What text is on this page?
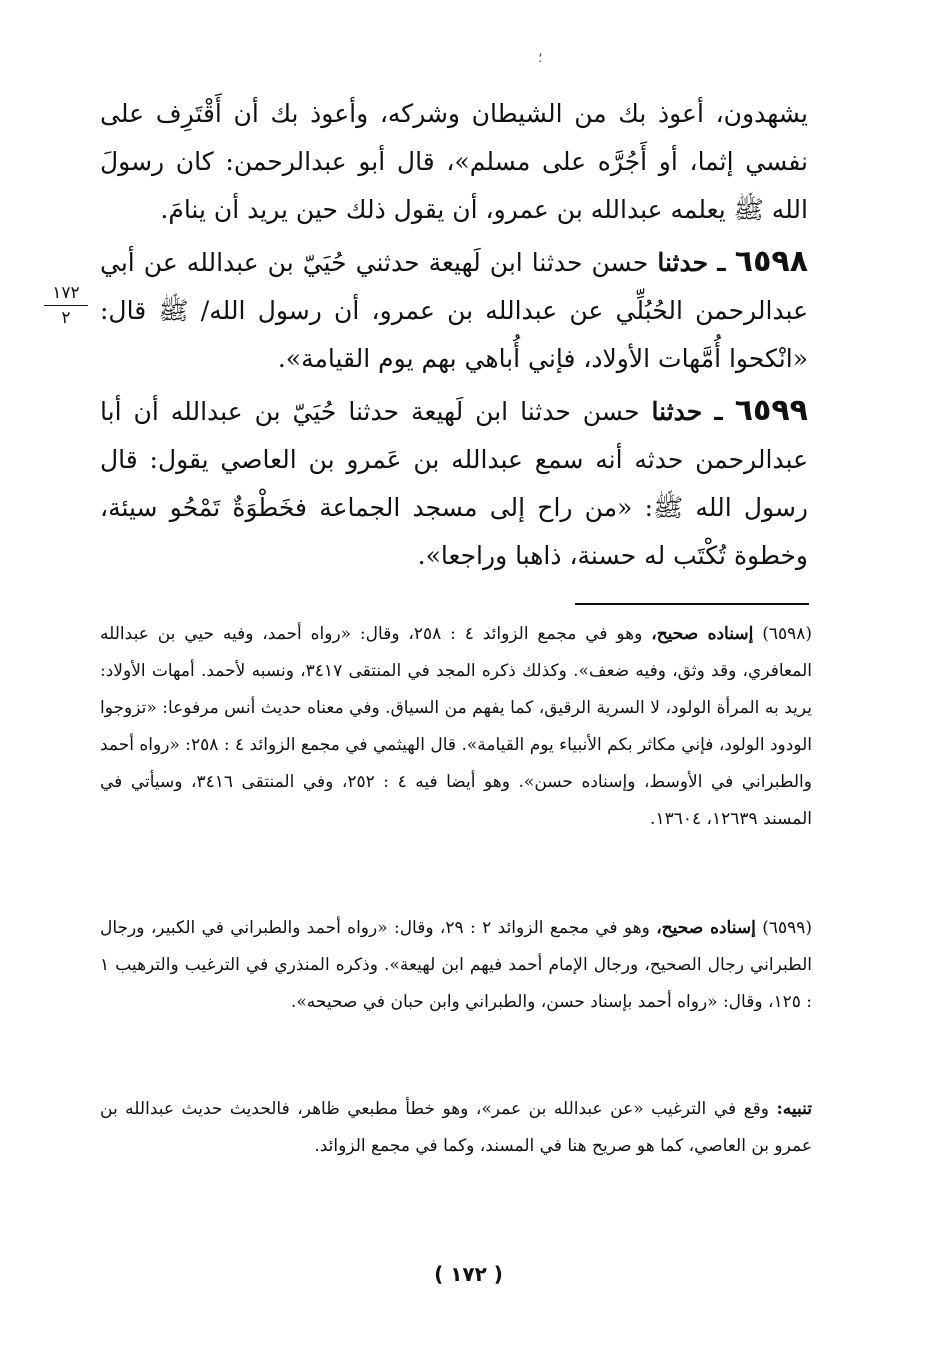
؛
يشهدون، أعوذ بك من الشيطان وشركه، وأعوذ بك أن أَقْتَرِف على نفسي إثما، أو أَجُرَّه على مسلم»، قال أبو عبدالرحمن: كان رسولَ الله ﷺ يعلمه عبدالله بن عمرو، أن يقول ذلك حين يريد أن ينامَ.
٦٥٩٨ ـ حدثنا حسن حدثنا ابن لَهيعة حدثني حُيَيّ بن عبدالله عن أبي عبدالرحمن الحُبُلِّي عن عبدالله بن عمرو، أن رسول الله/ ﷺ قال: «انْكحوا أُمَّهات الأولاد، فإني أُباهي بهم يوم القيامة».
١٧٢
٢
٦٥٩٩ ـ حدثنا حسن حدثنا ابن لَهيعة حدثنا حُيَيّ بن عبدالله أن أبا عبدالرحمن حدثه أنه سمع عبدالله بن عَمرو بن العاصي يقول: قال رسول الله ﷺ: «من راح إلى مسجد الجماعة فخَطْوَةٌ تَمْحُو سيئة، وخطوة تُكْتَب له حسنة، ذاهبا وراجعا».
(٦٥٩٨) إسناده صحيح، وهو في مجمع الزوائد ٤ : ٢٥٨، وقال: «رواه أحمد، وفيه حيي بن عبدالله المعافري، وقد وثق، وفيه ضعف». وكذلك ذكره المجد في المنتقى ٣٤١٧، ونسبه لأحمد. أمهات الأولاد: يريد به المرأة الولود، لا السرية الرقيق، كما يفهم من السياق. وفي معناه حديث أنس مرفوعا: «تزوجوا الودود الولود، فإني مكاثر بكم الأنبياء يوم القيامة». قال الهيثمي في مجمع الزوائد ٤ : ٢٥٨: «رواه أحمد والطبراني في الأوسط، وإسناده حسن». وهو أيضا فيه ٤ : ٢٥٢، وفي المنتقى ٣٤١٦، وسيأتي في المسند ١٢٦٣٩، ١٣٦٠٤.
(٦٥٩٩) إسناده صحيح، وهو في مجمع الزوائد ٢ : ٢٩، وقال: «رواه أحمد والطبراني في الكبير، ورجال الطبراني رجال الصحيح، ورجال الإمام أحمد فيهم ابن لهيعة». وذكره المنذري في الترغيب والترهيب ١ : ١٢٥، وقال: «رواه أحمد بإسناد حسن، والطبراني وابن حبان في صحيحه».
تنبيه: وقع في الترغيب «عن عبدالله بن عمر»، وهو خطأ مطبعي ظاهر، فالحديث حديث عبدالله بن عمرو بن العاصي، كما هو صريح هنا في المسند، وكما في مجمع الزوائد.
( ١٧٢ )
